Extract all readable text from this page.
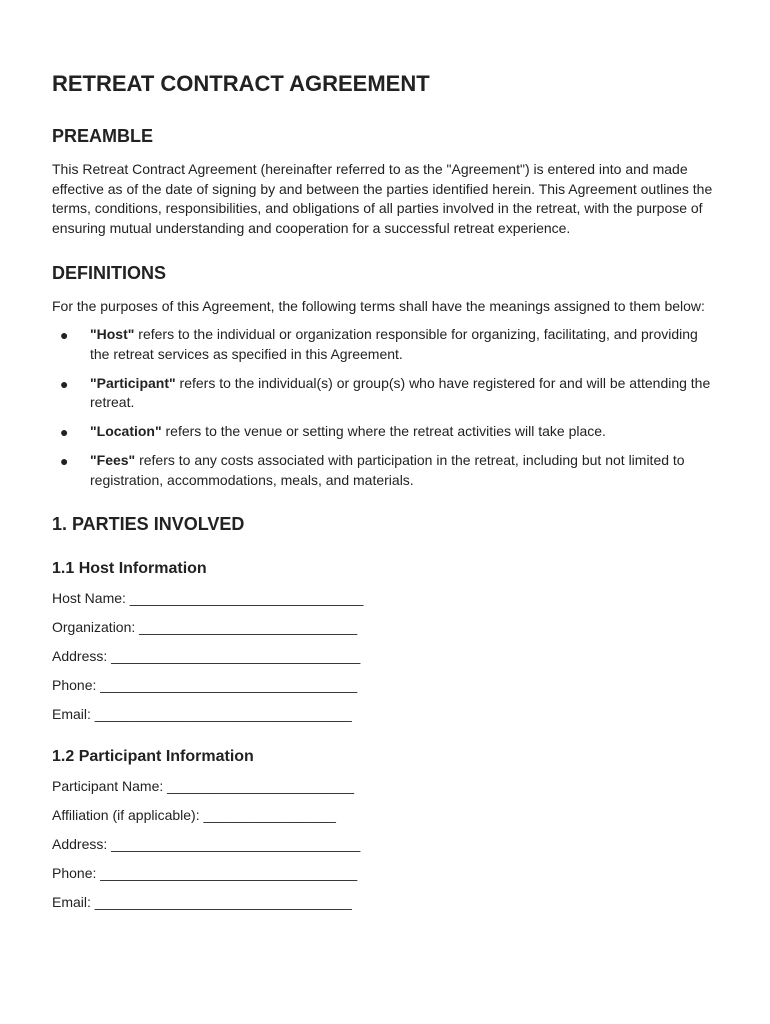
RETREAT CONTRACT AGREEMENT
PREAMBLE

This Retreat Contract Agreement (hereinafter referred to as the "Agreement") is entered into and made effective as of the date of signing by and between the parties identified herein. This Agreement outlines the terms, conditions, responsibilities, and obligations of all parties involved in the retreat, with the purpose of ensuring mutual understanding and cooperation for a successful retreat experience.

DEFINITIONS

For the purposes of this Agreement, the following terms shall have the meanings assigned to them below:

● "Host" refers to the individual or organization responsible for organizing, facilitating, and providing the retreat services as specified in this Agreement.
● "Participant" refers to the individual(s) or group(s) who have registered for and will be attending the retreat.
● "Location" refers to the venue or setting where the retreat activities will take place.
● "Fees" refers to any costs associated with participation in the retreat, including but not limited to registration, accommodations, meals, and materials.
1. PARTIES INVOLVED
1.1 Host Information
Host Name: ______________________________
Organization: ____________________________
Address: ________________________________
Phone: _________________________________
Email: _________________________________
1.2 Participant Information
Participant Name: ________________________
Affiliation (if applicable): _________________
Address: ________________________________
Phone: _________________________________
Email: _________________________________
